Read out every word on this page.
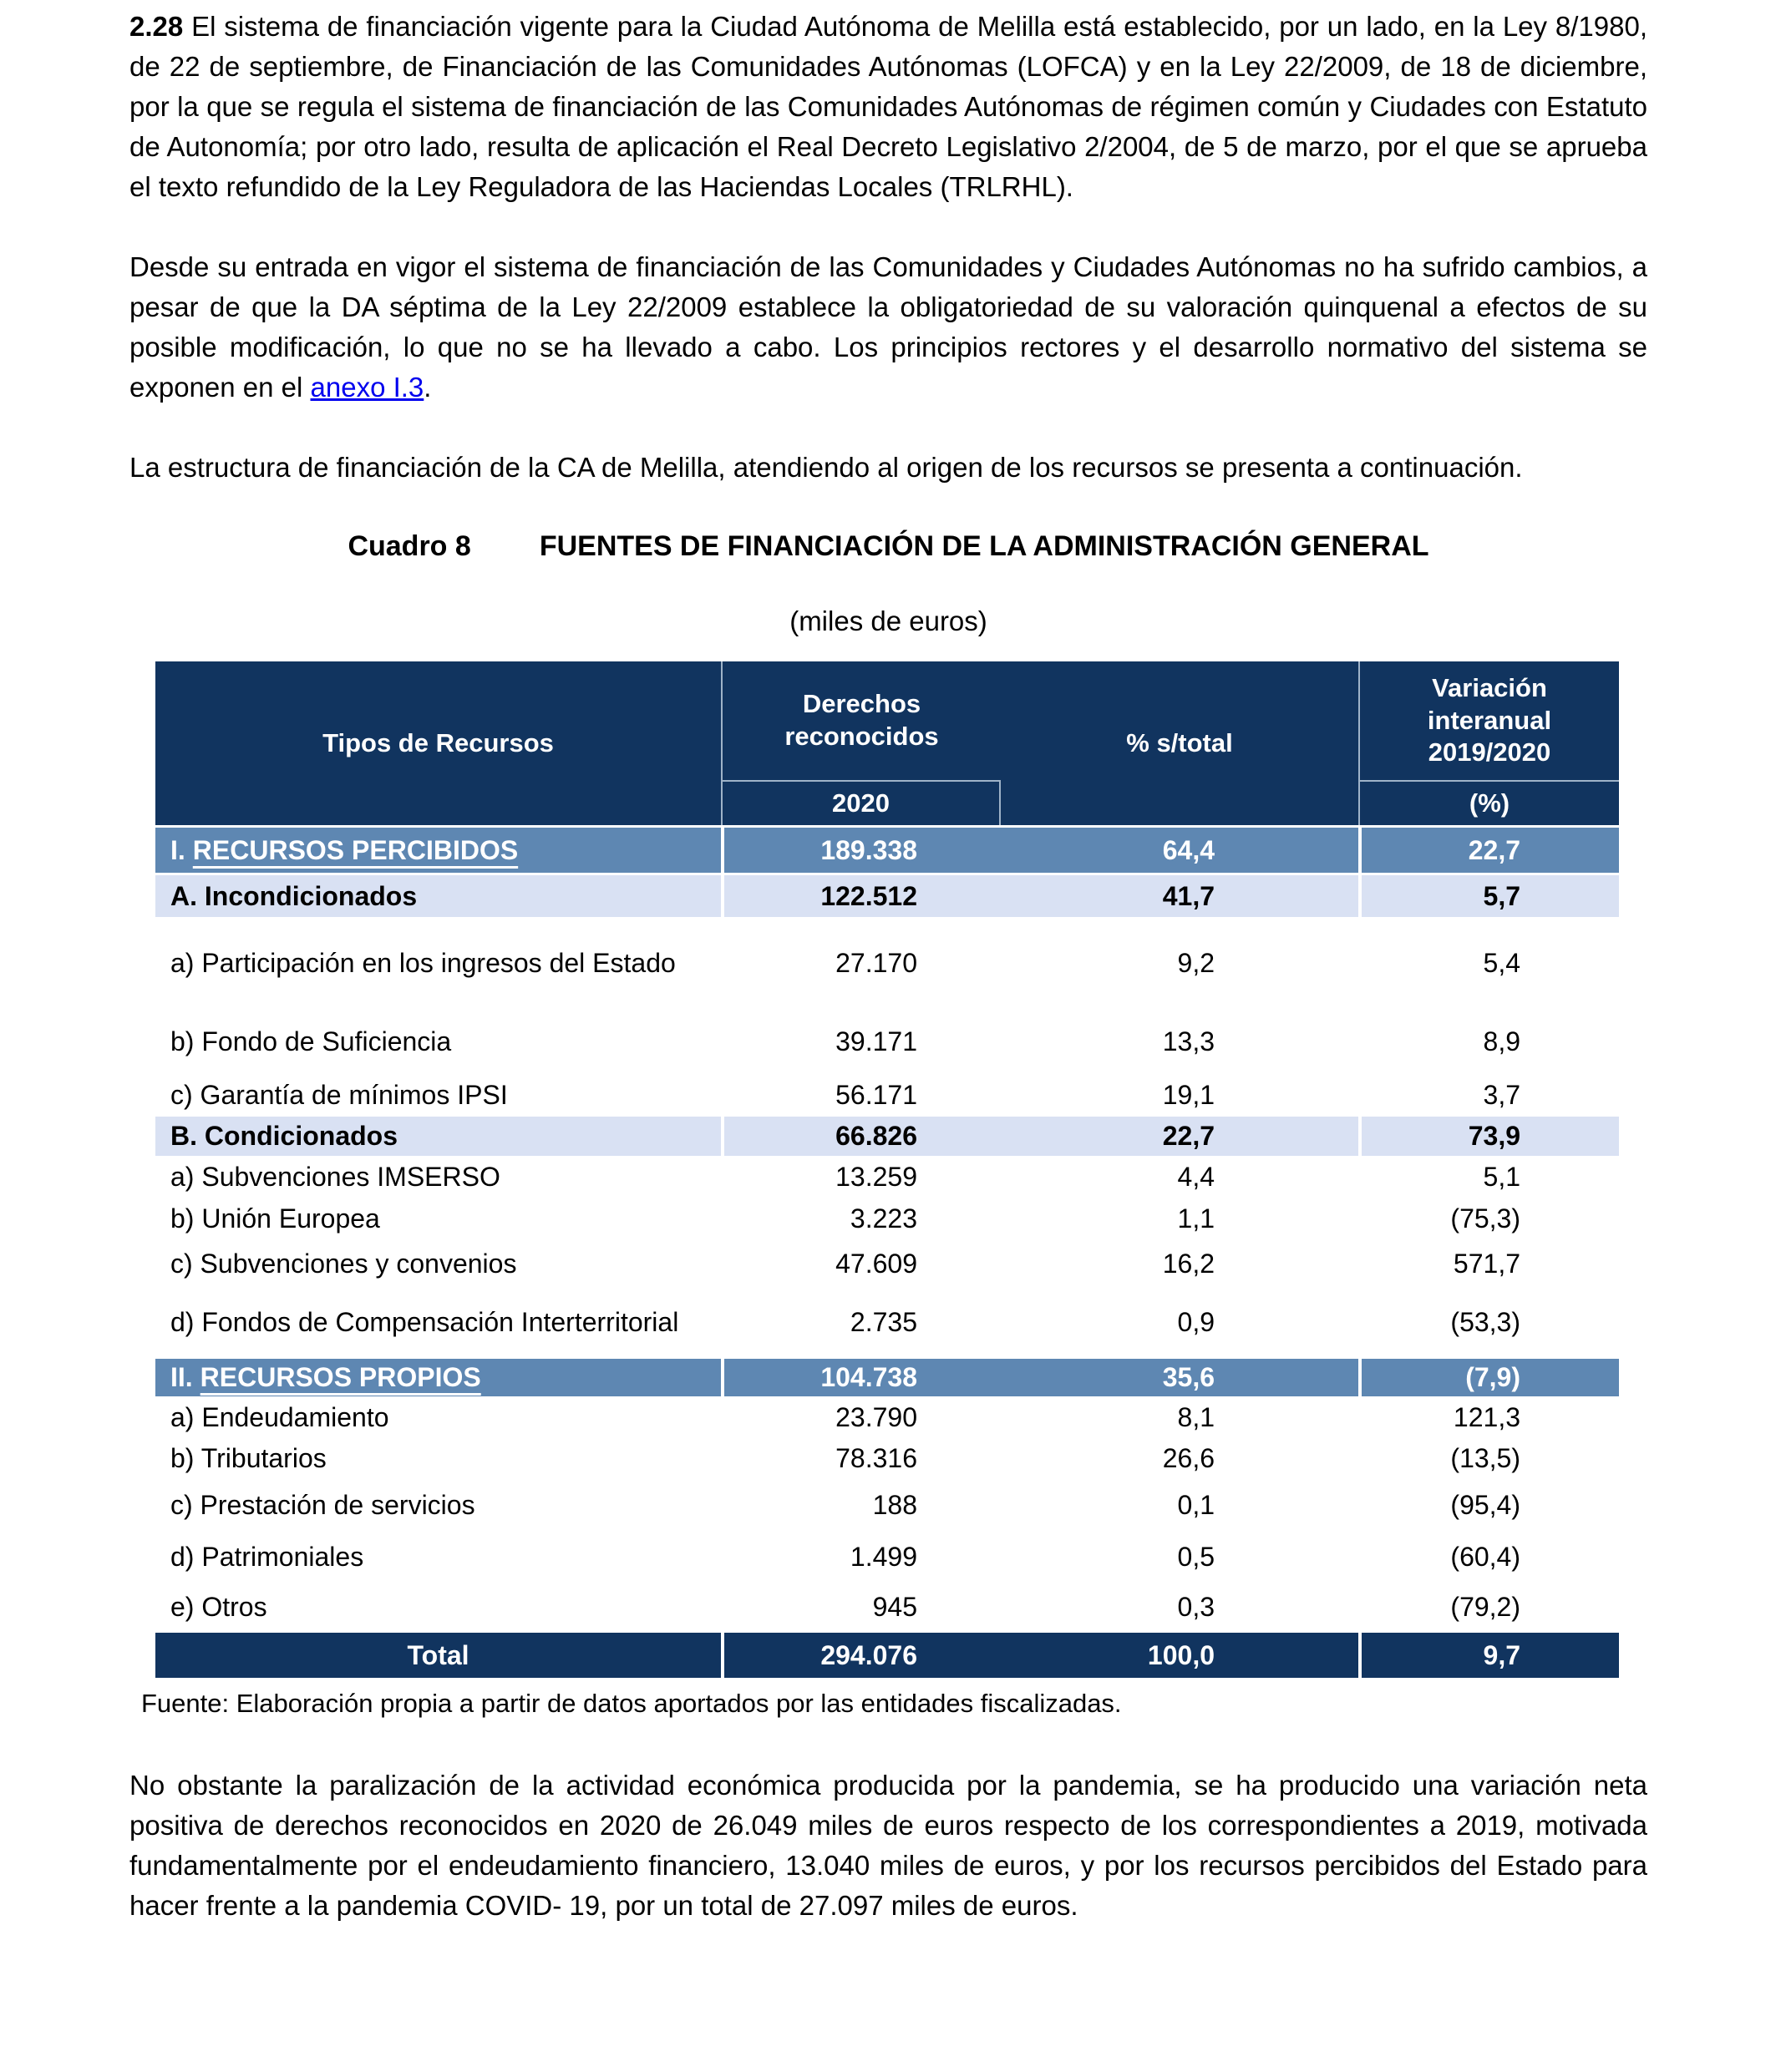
2.28 El sistema de financiación vigente para la Ciudad Autónoma de Melilla está establecido, por un lado, en la Ley 8/1980, de 22 de septiembre, de Financiación de las Comunidades Autónomas (LOFCA) y en la Ley 22/2009, de 18 de diciembre, por la que se regula el sistema de financiación de las Comunidades Autónomas de régimen común y Ciudades con Estatuto de Autonomía; por otro lado, resulta de aplicación el Real Decreto Legislativo 2/2004, de 5 de marzo, por el que se aprueba el texto refundido de la Ley Reguladora de las Haciendas Locales (TRLRHL).

Desde su entrada en vigor el sistema de financiación de las Comunidades y Ciudades Autónomas no ha sufrido cambios, a pesar de que la DA séptima de la Ley 22/2009 establece la obligatoriedad de su valoración quinquenal a efectos de su posible modificación, lo que no se ha llevado a cabo. Los principios rectores y el desarrollo normativo del sistema se exponen en el anexo I.3.

La estructura de financiación de la CA de Melilla, atendiendo al origen de los recursos se presenta a continuación.

Cuadro 8 FUENTES DE FINANCIACIÓN DE LA ADMINISTRACIÓN GENERAL
(miles de euros)
Tipos de Recursos
Derechos reconocidos
2020
% s/total
Variación interanual 2019/2020
(%)
I. RECURSOS PERCIBIDOS	189.338	64,4	22,7
A. Incondicionados	122.512	41,7	5,7
a) Participación en los ingresos del Estado	27.170	9,2	5,4
b) Fondo de Suficiencia	39.171	13,3	8,9
c) Garantía de mínimos IPSI	56.171	19,1	3,7
B. Condicionados	66.826	22,7	73,9
a) Subvenciones IMSERSO	13.259	4,4	5,1
b) Unión Europea	3.223	1,1	(75,3)
c) Subvenciones y convenios	47.609	16,2	571,7
d) Fondos de Compensación Interterritorial	2.735	0,9	(53,3)
II. RECURSOS PROPIOS	104.738	35,6	(7,9)
a) Endeudamiento	23.790	8,1	121,3
b) Tributarios	78.316	26,6	(13,5)
c) Prestación de servicios	188	0,1	(95,4)
d) Patrimoniales	1.499	0,5	(60,4)
e) Otros	945	0,3	(79,2)
Total	294.076	100,0	9,7
Fuente: Elaboración propia a partir de datos aportados por las entidades fiscalizadas.

No obstante la paralización de la actividad económica producida por la pandemia, se ha producido una variación neta positiva de derechos reconocidos en 2020 de 26.049 miles de euros respecto de los correspondientes a 2019, motivada fundamentalmente por el endeudamiento financiero, 13.040 miles de euros, y por los recursos percibidos del Estado para hacer frente a la pandemia COVID- 19, por un total de 27.097 miles de euros.
